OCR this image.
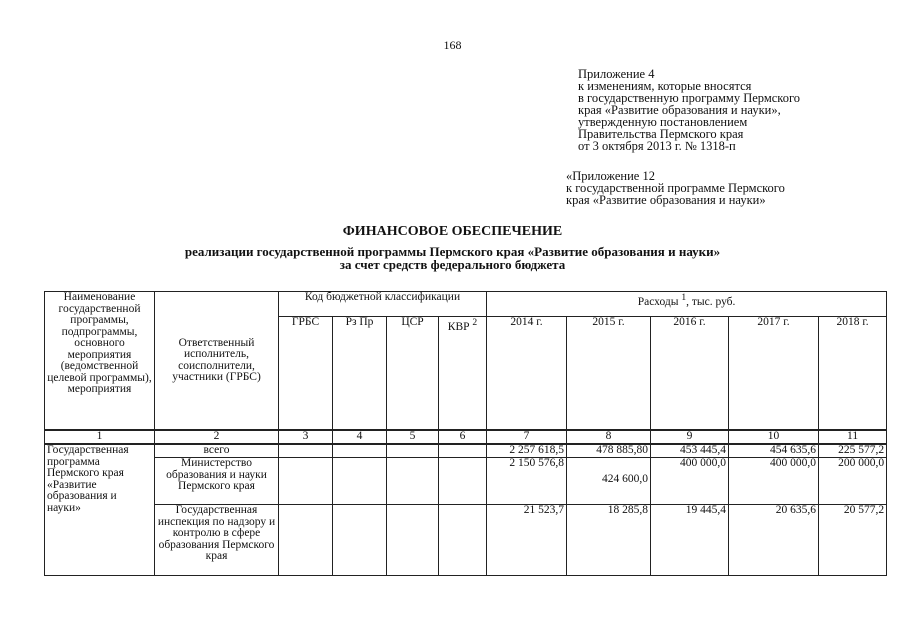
168
Приложение 4
к изменениям, которые вносятся
в государственную программу Пермского
края «Развитие образования и науки»,
утвержденную постановлением
Правительства Пермского края
от 3 октября 2013 г. № 1318-п
«Приложение 12
к государственной программе Пермского
края «Развитие образования и науки»
ФИНАНСОВОЕ ОБЕСПЕЧЕНИЕ
реализации государственной программы Пермского края «Развитие образования и науки»
за счет средств федерального бюджета
Наименование государственной программы, подпрограммы, основного мероприятия (ведомственной целевой программы), мероприятия	Ответственный исполнитель, соисполнители, участники (ГРБС)	Код бюджетной классификации				Расходы $^1$, тыс. руб.				
		ГРБС	Рз Пр	ЦСР	КВР $^2$	2014 г.	2015 г.	2016 г.	2017 г.	2018 г.
1	2	3	4	5	6	7	8	9	10	11
Государственная программа Пермского края «Развитие образования и науки»	всего					2 257 618,5	478 885,80	453 445,4	454 635,6	225 577,2
	Министерство образования и науки Пермского края					2 150 576,8	424 600,0	400 000,0	400 000,0	200 000,0
	Государственная инспекция по надзору и контролю в сфере образования Пермского края					21 523,7	18 285,8	19 445,4	20 635,6	20 577,2
